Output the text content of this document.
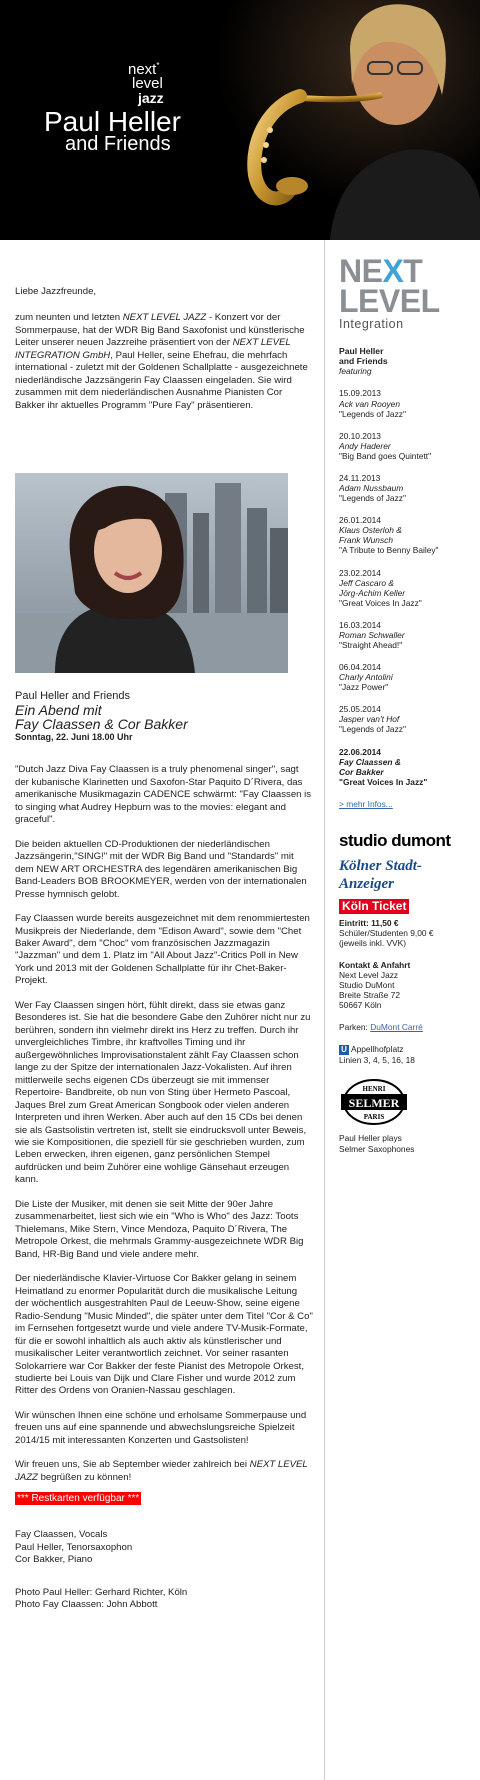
next*
level
jazz
Paul Heller
and Friends
Liebe Jazzfreunde,
zum neunten und letzten NEXT LEVEL JAZZ - Konzert vor der Sommerpause, hat der WDR Big Band Saxofonist und künstlerische Leiter unserer neuen Jazzreihe präsentiert von der NEXT LEVEL INTEGRATION GmbH, Paul Heller, seine Ehefrau, die mehrfach international - zuletzt mit der Goldenen Schallplatte - ausgezeichnete niederländische Jazzsängerin Fay Claassen eingeladen. Sie wird zusammen mit dem niederländischen Ausnahme Pianisten Cor Bakker ihr aktuelles Programm "Pure Fay" präsentieren.
Paul Heller and Friends
Ein Abend mit
Fay Claassen & Cor Bakker
Sonntag, 22. Juni 18.00 Uhr
"Dutch Jazz Diva Fay Claassen is a truly phenomenal singer", sagt der kubanische Klarinetten und Saxofon-Star Paquito D´Rivera, das amerikanische Musikmagazin CADENCE schwärmt: "Fay Claassen is to singing what Audrey Hepburn was to the movies: elegant and graceful".
Die beiden aktuellen CD-Produktionen der niederländischen Jazzsängerin,"SING!" mit der WDR Big Band und "Standards" mit dem NEW ART ORCHESTRA des legendären amerikanischen Big Band-Leaders BOB BROOKMEYER, werden von der internationalen Presse hymnisch gelobt.
Fay Claassen wurde bereits ausgezeichnet mit dem renommiertesten Musikpreis der Niederlande, dem "Edison Award", sowie dem "Chet Baker Award", dem "Choc" vom französischen Jazzmagazin "Jazzman" und dem 1. Platz im "All About Jazz"-Critics Poll in New York und 2013 mit der Goldenen Schallplatte für ihr Chet-Baker-Projekt.
Wer Fay Claassen singen hört, fühlt direkt, dass sie etwas ganz Besonderes ist. Sie hat die besondere Gabe den Zuhörer nicht nur zu berühren, sondern ihn vielmehr direkt ins Herz zu treffen. Durch ihr unvergleichliches Timbre, ihr kraftvolles Timing und ihr außergewöhnliches Improvisationstalent zählt Fay Claassen schon lange zu der Spitze der internationalen Jazz-Vokalisten. Auf ihren mittlerweile sechs eigenen CDs überzeugt sie mit immenser Repertoire- Bandbreite, ob nun von Sting über Hermeto Pascoal, Jaques Brel zum Great American Songbook oder vielen anderen Interpreten und ihren Werken. Aber auch auf den 15 CDs bei denen sie als Gastsolistin vertreten ist, stellt sie eindrucksvoll unter Beweis, wie sie Kompositionen, die speziell für sie geschrieben wurden, zum Leben erwecken, ihren eigenen, ganz persönlichen Stempel aufdrücken und beim Zuhörer eine wohlige Gänsehaut erzeugen kann.
Die Liste der Musiker, mit denen sie seit Mitte der 90er Jahre zusammenarbeitet, liest sich wie ein "Who is Who" des Jazz: Toots Thielemans, Mike Stern, Vince Mendoza, Paquito D´Rivera, The Metropole Orkest, die mehrmals Grammy-ausgezeichnete WDR Big Band, HR-Big Band und viele andere mehr.
Der niederländische Klavier-Virtuose Cor Bakker gelang in seinem Heimatland zu enormer Popularität durch die musikalische Leitung der wöchentlich ausgestrahlten Paul de Leeuw-Show, seine eigene Radio-Sendung "Music Minded", die später unter dem Titel "Cor & Co" im Fernsehen fortgesetzt wurde und viele andere TV-Musik-Formate, für die er sowohl inhaltlich als auch aktiv als künstlerischer und musikalischer Leiter verantwortlich zeichnet. Vor seiner rasanten Solokarriere war Cor Bakker der feste Pianist des Metropole Orkest, studierte bei Louis van Dijk und Clare Fisher und wurde 2012 zum Ritter des Ordens von Oranien-Nassau geschlagen.
Wir wünschen Ihnen eine schöne und erholsame Sommerpause und freuen uns auf eine spannende und abwechslungsreiche Spielzeit 2014/15 mit interessanten Konzerten und Gastsolisten!
Wir freuen uns, Sie ab September wieder zahlreich bei NEXT LEVEL JAZZ begrüßen zu können!
*** Restkarten verfügbar ***
Fay Claassen, Vocals
Paul Heller, Tenorsaxophon
Cor Bakker, Piano
Photo Paul Heller: Gerhard Richter, Köln
Photo Fay Claassen: John Abbott
NEXT
LEVEL
Integration
Paul Heller
and Friends
featuring
15.09.2013
Ack van Rooyen
"Legends of Jazz"
20.10.2013
Andy Haderer
"Big Band goes Quintett"
24.11.2013
Adam Nussbaum
"Legends of Jazz"
26.01.2014
Klaus Osterloh &
Frank Wunsch
"A Tribute to Benny Bailey"
23.02.2014
Jeff Cascaro &
Jörg-Achim Keller
"Great Voices In Jazz"
16.03.2014
Roman Schwaller
"Straight Ahead!"
06.04.2014
Charly Antolini
"Jazz Power"
25.05.2014
Jasper van't Hof
"Legends of Jazz"
22.06.2014
Fay Claassen &
Cor Bakker
"Great Voices In Jazz"
> mehr Infos...
studio dumont
Kölner Stadt-Anzeiger
Köln Ticket
Eintritt: 11,50 €
Schüler/Studenten 9,00 €
(jeweils inkl. VVK)
Kontakt & Anfahrt
Next Level Jazz
Studio DuMont
Breite Straße 72
50667 Köln
Parken: DuMont Carré
U Appellhofplatz
Linien 3, 4, 5, 16, 18
HENRI
SELMER
PARIS
Paul Heller plays
Selmer Saxophones
